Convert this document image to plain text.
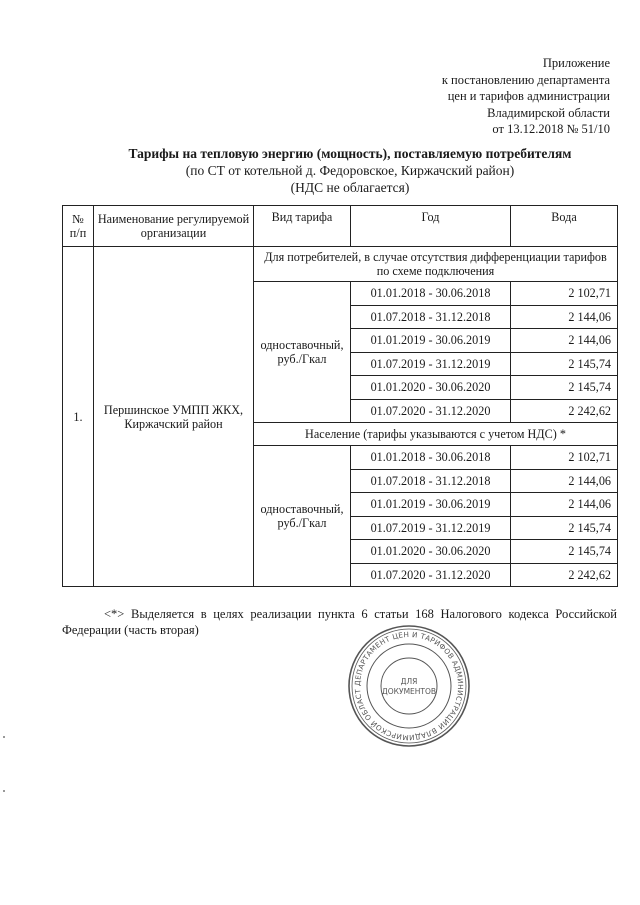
Приложение
к постановлению департамента
цен и тарифов администрации
Владимирской области
от 13.12.2018 № 51/10
Тарифы на тепловую энергию (мощность), поставляемую потребителям
(по СТ от котельной д. Федоровское, Киржачский район)
(НДС не облагается)
№ п/п	Наименование регулируемой организации	Вид тарифа	Год	Вода
1.	Першинское УМПП ЖКХ, Киржачский район	Для потребителей, в случае отсутствия дифференциации тарифов по схеме подключения		
		одноставочный, руб./Гкал	01.01.2018 - 30.06.2018	2 102,71
			01.07.2018 - 31.12.2018	2 144,06
			01.01.2019 - 30.06.2019	2 144,06
			01.07.2019 - 31.12.2019	2 145,74
			01.01.2020 - 30.06.2020	2 145,74
			01.07.2020 - 31.12.2020	2 242,62
		Население (тарифы указываются с учетом НДС) *		
		одноставочный, руб./Гкал	01.01.2018 - 30.06.2018	2 102,71
			01.07.2018 - 31.12.2018	2 144,06
			01.01.2019 - 30.06.2019	2 144,06
			01.07.2019 - 31.12.2019	2 145,74
			01.01.2020 - 30.06.2020	2 145,74
			01.07.2020 - 31.12.2020	2 242,62
<*> Выделяется в целях реализации пункта 6 статьи 168 Налогового кодекса Российской Федерации (часть вторая)
ДЕПАРТАМЕНТ ЦЕН И ТАРИФОВ АДМИНИСТРАЦИИ ВЛАДИМИРСКОЙ ОБЛАСТ
ДЛЯ
ДОКУМЕНТОВ
